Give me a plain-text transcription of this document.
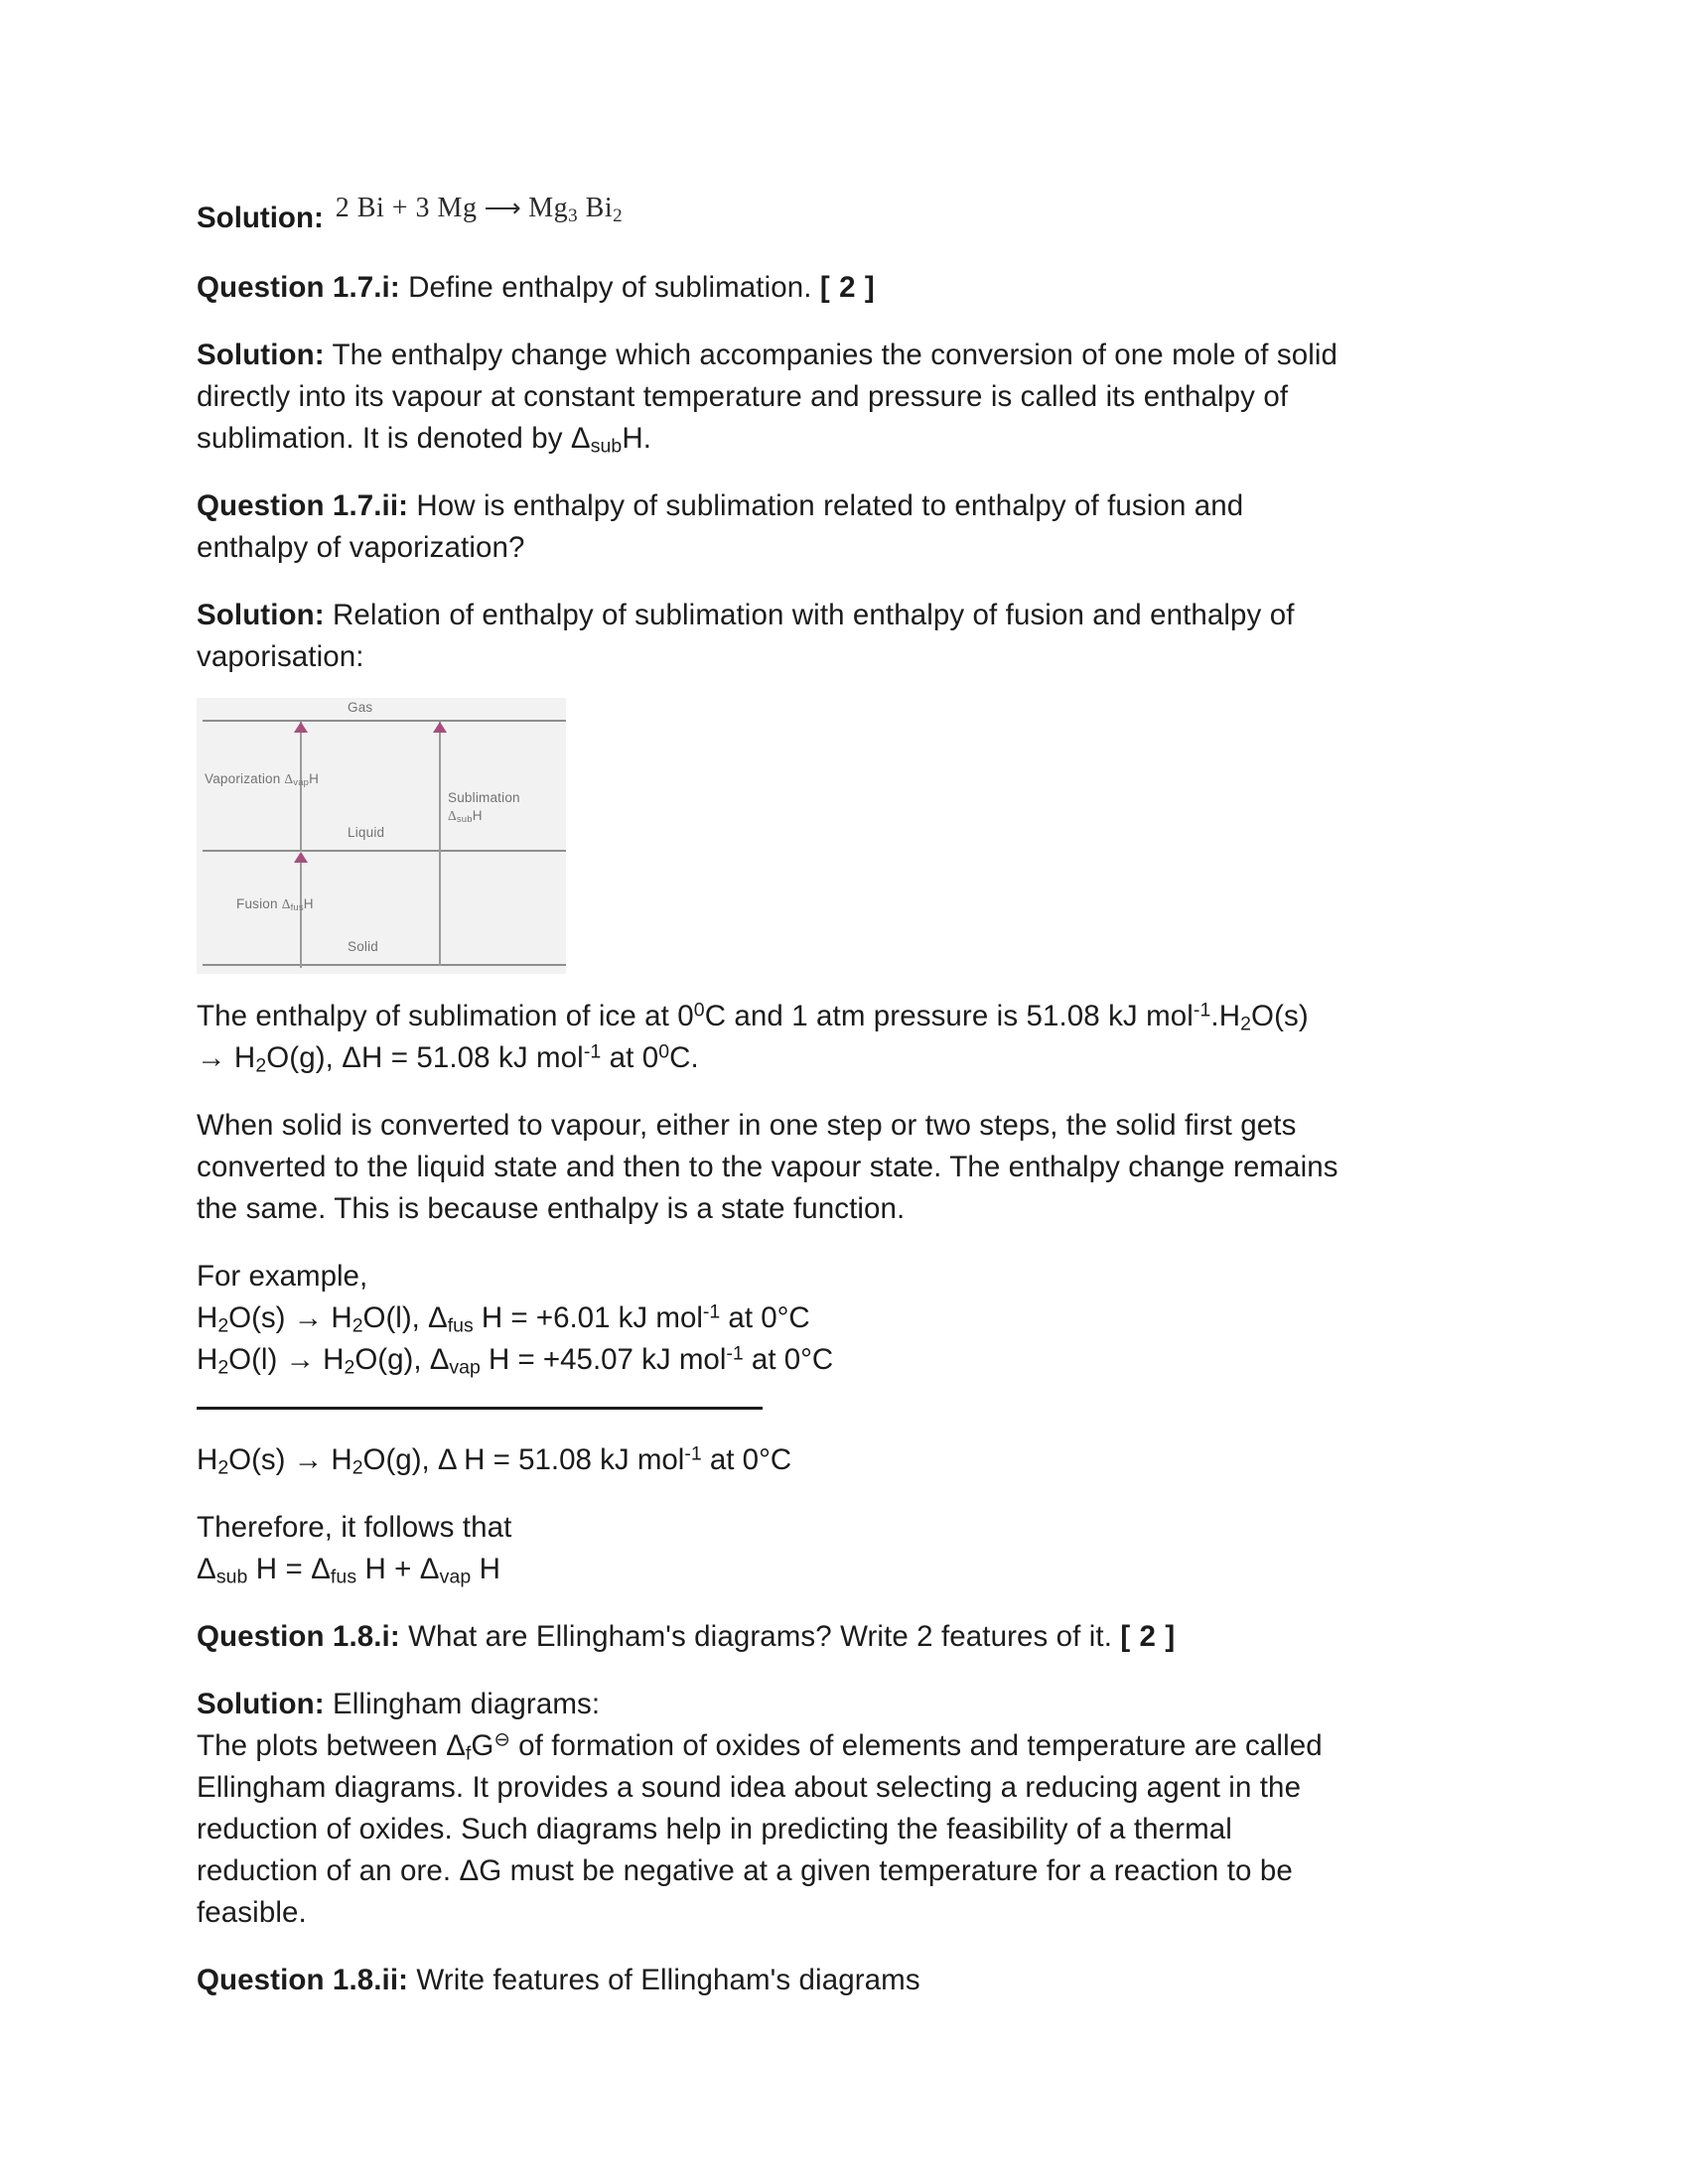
Solution: 2 Bi + 3 Mg ⟶ $Mg_3$ $Bi_2$

Question 1.7.i: Define enthalpy of sublimation. [ 2 ]

Solution: The enthalpy change which accompanies the conversion of one mole of solid
directly into its vapour at constant temperature and pressure is called its enthalpy of
sublimation. It is denoted by $\Delta_{sub}H$.

Question 1.7.ii: How is enthalpy of sublimation related to enthalpy of fusion and
enthalpy of vaporization?

Solution: Relation of enthalpy of sublimation with enthalpy of fusion and enthalpy of
vaporisation:

Gas
Liquid
Solid
Vaporization $\Delta_{vap}H$
Sublimation
$\Delta_{sub}H$
Fusion $\Delta_{fus}H$

The enthalpy of sublimation of ice at $0^0C$ and 1 atm pressure is 51.08 kJ $mol^{-1}.H_2O(s)$
→ $H_2O(g)$, ΔH = 51.08 kJ mol$^{-1}$ at $0^0C$.

When solid is converted to vapour, either in one step or two steps, the solid first gets
converted to the liquid state and then to the vapour state. The enthalpy change remains
the same. This is because enthalpy is a state function.

For example,
$H_2O(s) \to H_2O(l)$, $\Delta_{fus}$ H = +6.01 kJ mol$^{-1}$ at 0°C
$H_2O(l) \to H_2O(g)$, $\Delta_{vap}$ H = +45.07 kJ mol$^{-1}$ at 0°C
$H_2O(s) \to H_2O(g)$, Δ H = 51.08 kJ mol$^{-1}$ at 0°C

Therefore, it follows that
$\Delta_{sub}$ $H = \Delta_{fus}$ $H + \Delta_{vap}$ H

Question 1.8.i: What are Ellingham's diagrams? Write 2 features of it. [ 2 ]

Solution: Ellingham diagrams:
The plots between $\Delta_fG^⊖$ of formation of oxides of elements and temperature are called
Ellingham diagrams. It provides a sound idea about selecting a reducing agent in the
reduction of oxides. Such diagrams help in predicting the feasibility of a thermal
reduction of an ore. ΔG must be negative at a given temperature for a reaction to be
feasible.

Question 1.8.ii: Write features of Ellingham's diagrams
